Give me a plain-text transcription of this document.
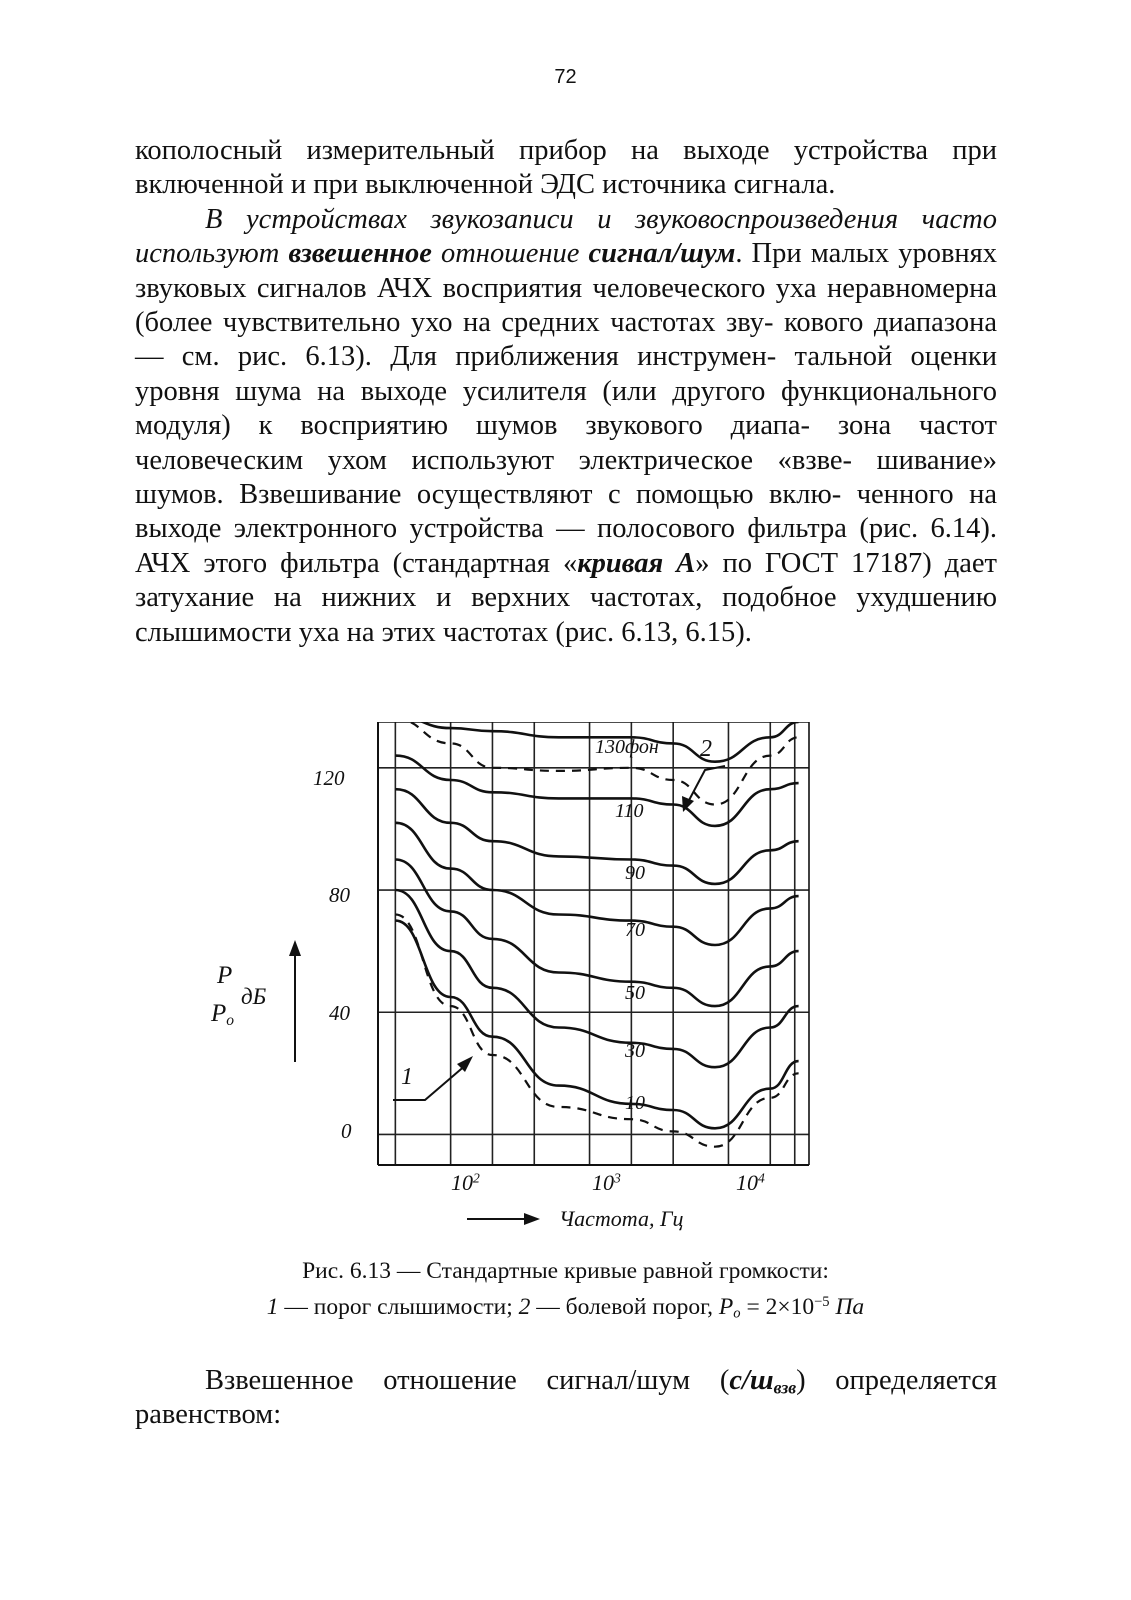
72

кополосный измерительный прибор на выходе устройства при включенной и при выключенной ЭДС источника сигнала.

В устройствах звукозаписи и звуковоспроизведения часто используют взвешенное отношение сигнал/шум. При малых уровнях звуковых сигналов АЧХ восприятия человеческого уха неравномерна (более чувствительно ухо на средних частотах зву- кового диапазона — см. рис. 6.13). Для приближения инструмен- тальной оценки уровня шума на выходе усилителя (или другого функционального модуля) к восприятию шумов звукового диапа- зона частот человеческим ухом используют электрическое «взве- шивание» шумов. Взвешивание осуществляют с помощью вклю- ченного на выходе электронного устройства — полосового фильтра (рис. 6.14). АЧХ этого фильтра (стандартная «кривая А» по ГОСТ 17187) дает затухание на нижних и верхних частотах, подобное ухудшению слышимости уха на этих частотах (рис. 6.13, 6.15).

120
80
40
0
$10^2$	$10^3$	$10^4$
Частота, Гц
P
$P_o$
дБ
130фон
110
90
70
50
30
10
1
2
Рис. 6.13 — Стандартные кривые равной громкости:
1 — порог слышимости; 2 — болевой порог, $P_o = 2\times 10^{-5}$ Па

Взвешенное отношение сигнал/шум $(с/ш_{взв})$ определяется равенством:
